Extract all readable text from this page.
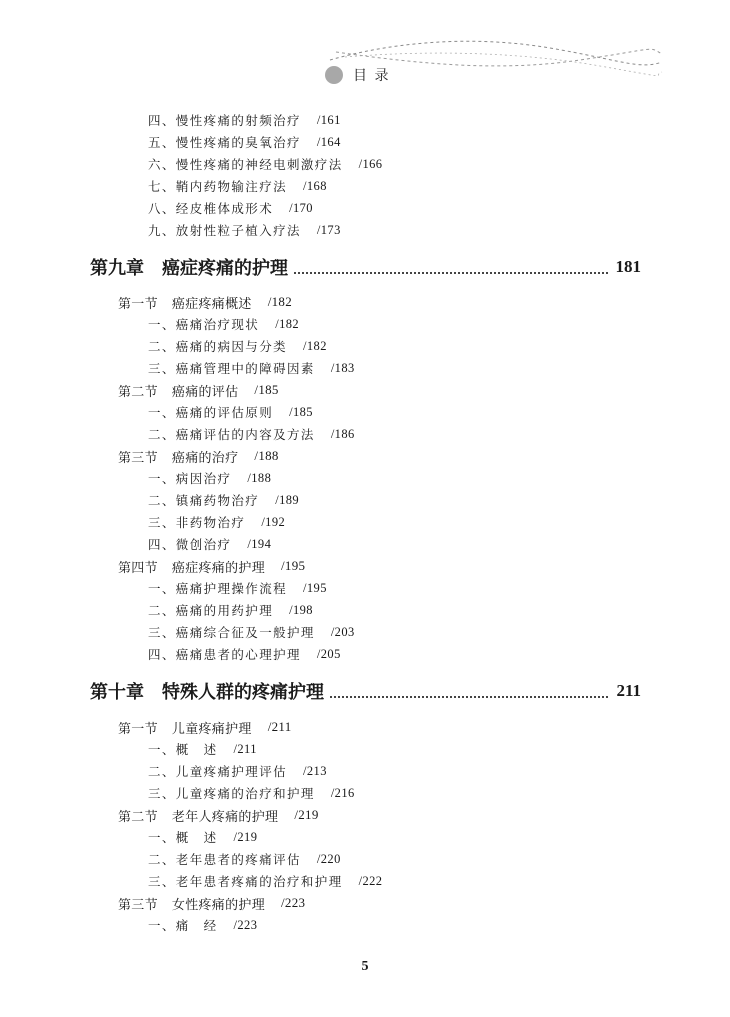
目 录
四、慢性疼痛的射频治疗 /161
五、慢性疼痛的臭氧治疗 /164
六、慢性疼痛的神经电刺激疗法 /166
七、鞘内药物输注疗法 /168
八、经皮椎体成形术 /170
九、放射性粒子植入疗法 /173
第九章 癌症疼痛的护理	181
第一节 癌症疼痛概述 /182
一、癌痛治疗现状 /182
二、癌痛的病因与分类 /182
三、癌痛管理中的障碍因素 /183
第二节 癌痛的评估 /185
一、癌痛的评估原则 /185
二、癌痛评估的内容及方法 /186
第三节 癌痛的治疗 /188
一、病因治疗 /188
二、镇痛药物治疗 /189
三、非药物治疗 /192
四、微创治疗 /194
第四节 癌症疼痛的护理 /195
一、癌痛护理操作流程 /195
二、癌痛的用药护理 /198
三、癌痛综合征及一般护理 /203
四、癌痛患者的心理护理 /205
第十章 特殊人群的疼痛护理	211
第一节 儿童疼痛护理 /211
一、概　述 /211
二、儿童疼痛护理评估 /213
三、儿童疼痛的治疗和护理 /216
第二节 老年人疼痛的护理 /219
一、概　述 /219
二、老年患者的疼痛评估 /220
三、老年患者疼痛的治疗和护理 /222
第三节 女性疼痛的护理 /223
一、痛　经 /223
5
